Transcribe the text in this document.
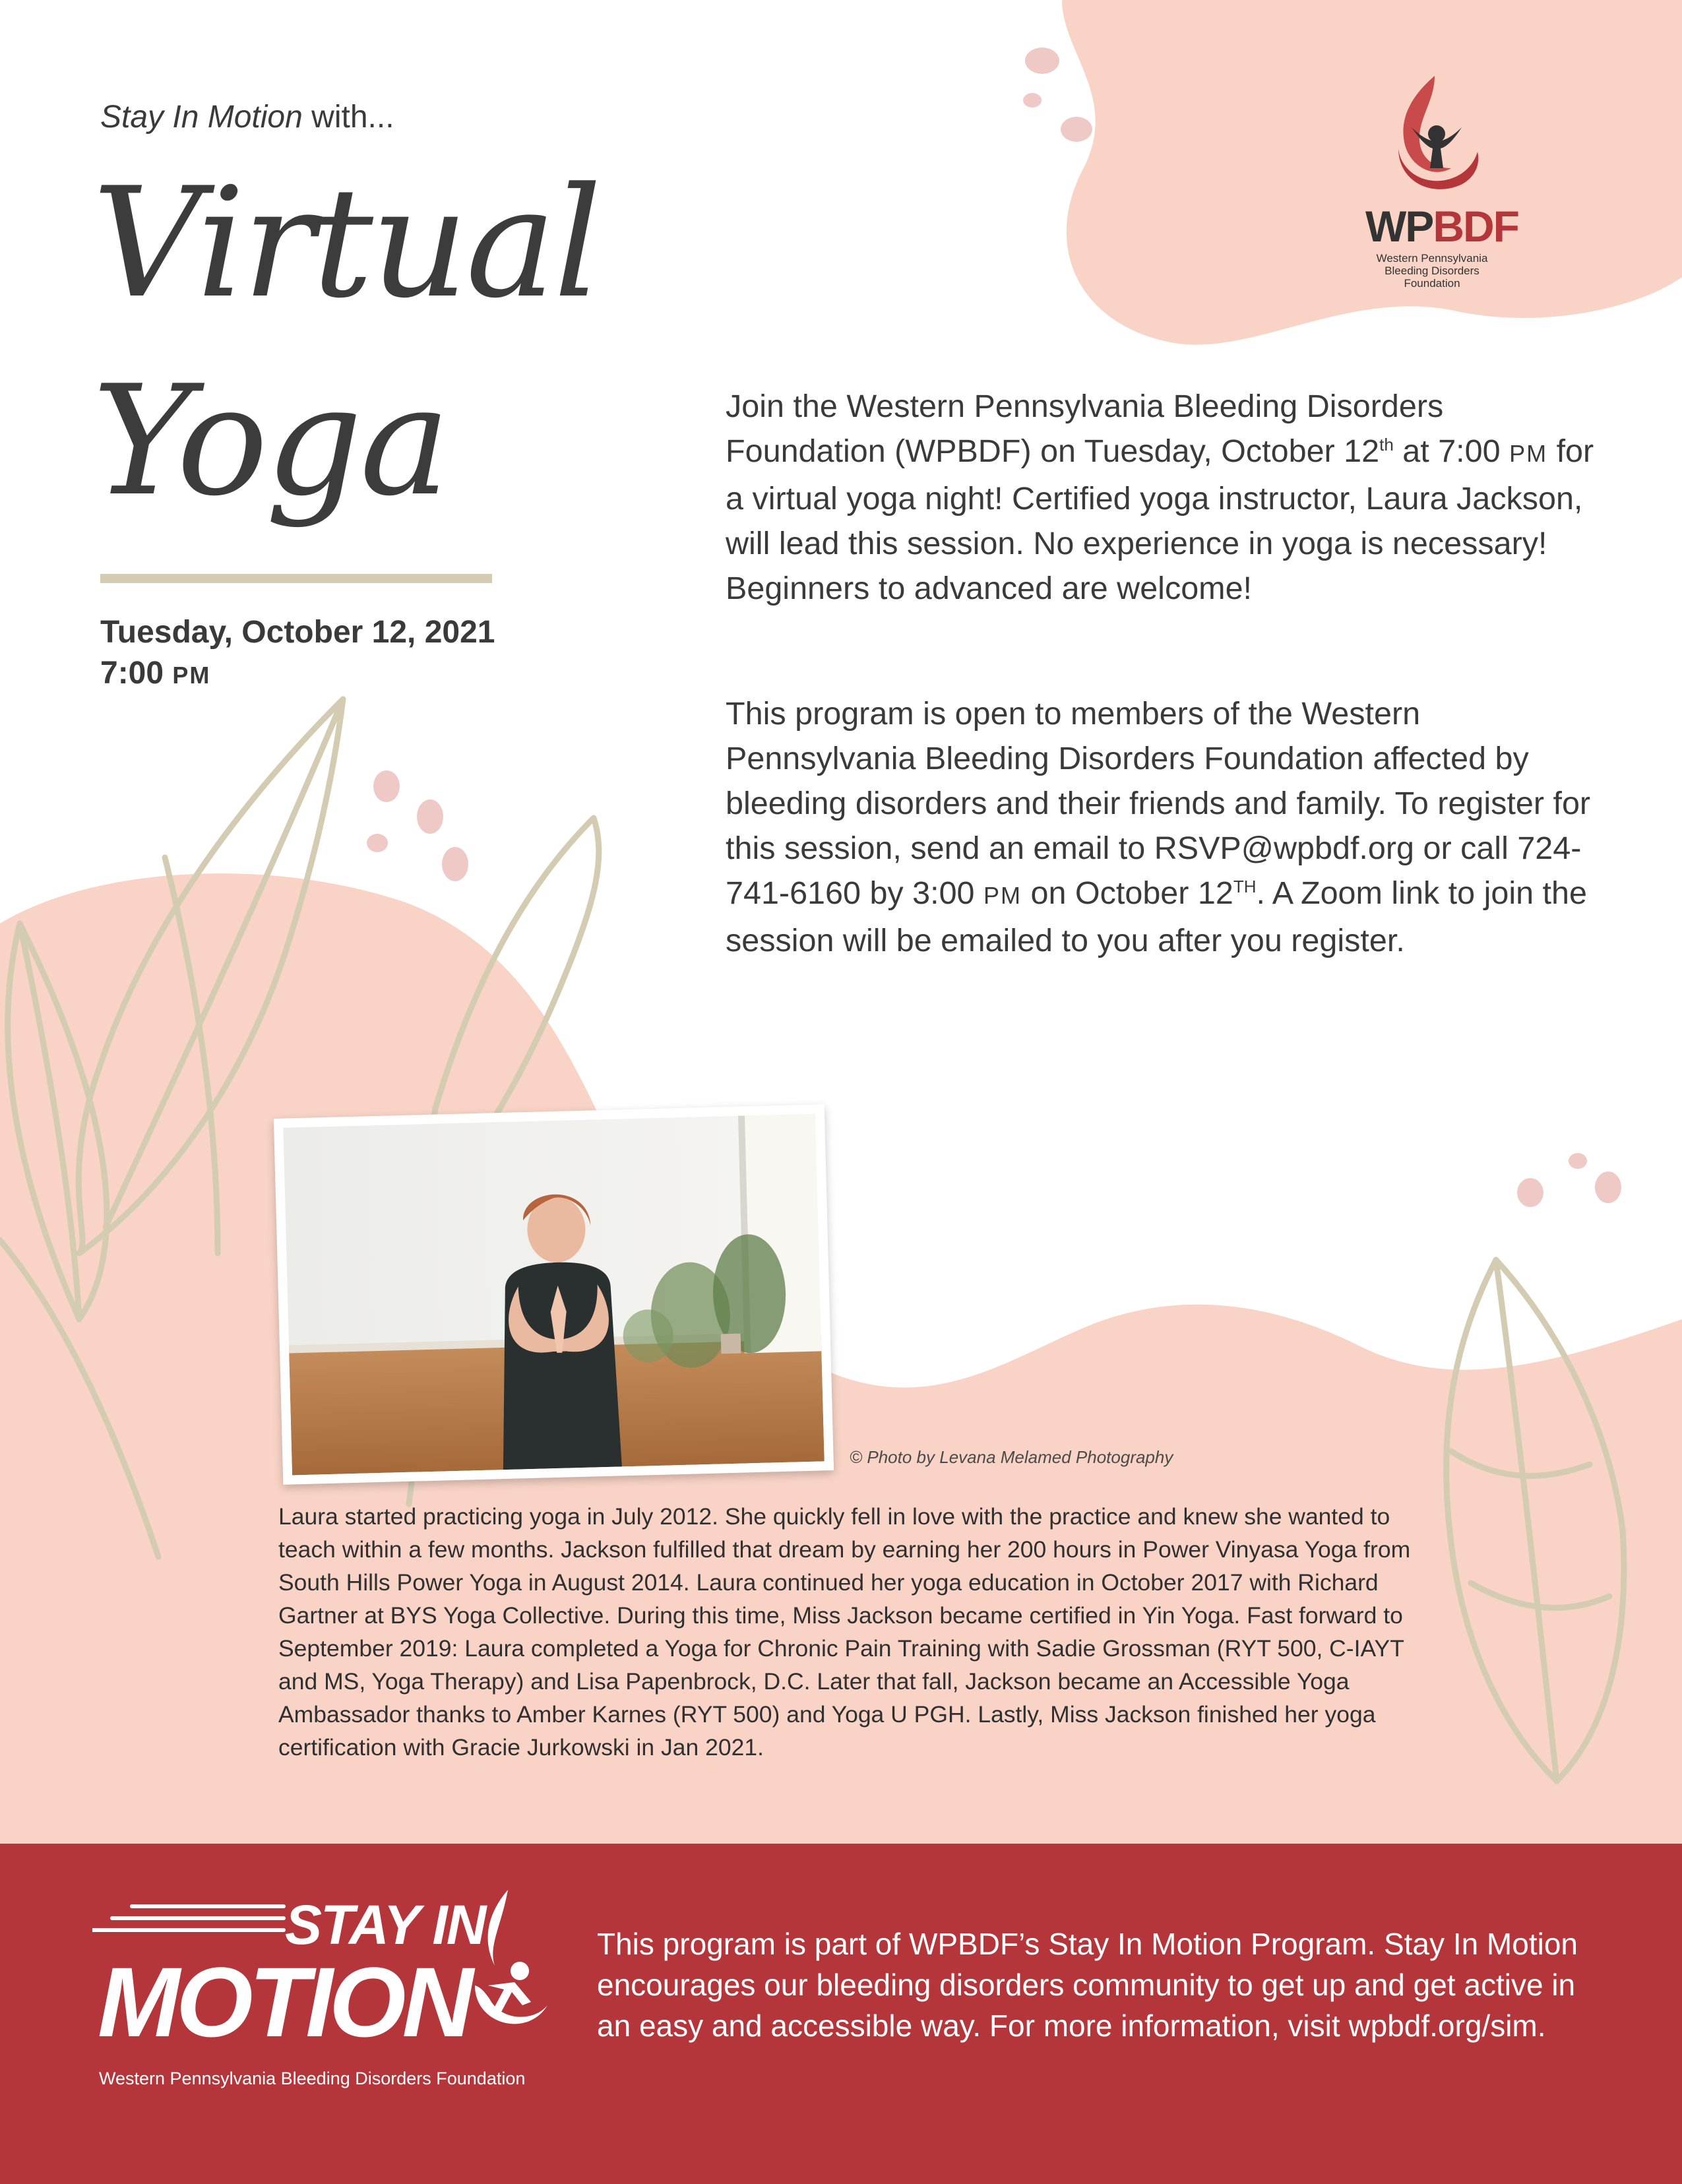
WPBDF
Western Pennsylvania Bleeding Disorders Foundation
Stay In Motion with...
Virtual
Yoga
Tuesday, October 12, 2021
7:00 PM
Join the Western Pennsylvania Bleeding Disorders Foundation (WPBDF) on Tuesday, October 12th at 7:00 PM for a virtual yoga night! Certified yoga instructor, Laura Jackson, will lead this session. No experience in yoga is necessary! Beginners to advanced are welcome!
This program is open to members of the Western Pennsylvania Bleeding Disorders Foundation affected by bleeding disorders and their friends and family. To register for this session, send an email to RSVP@wpbdf.org or call 724-741-6160 by 3:00 PM on October 12TH. A Zoom link to join the session will be emailed to you after you register.
© Photo by Levana Melamed Photography
Laura started practicing yoga in July 2012. She quickly fell in love with the practice and knew she wanted to teach within a few months. Jackson fulfilled that dream by earning her 200 hours in Power Vinyasa Yoga from South Hills Power Yoga in August 2014. Laura continued her yoga education in October 2017 with Richard Gartner at BYS Yoga Collective. During this time, Miss Jackson became certified in Yin Yoga. Fast forward to September 2019: Laura completed a Yoga for Chronic Pain Training with Sadie Grossman (RYT 500, C-IAYT and MS, Yoga Therapy) and Lisa Papenbrock, D.C. Later that fall, Jackson became an Accessible Yoga Ambassador thanks to Amber Karnes (RYT 500) and Yoga U PGH. Lastly, Miss Jackson finished her yoga certification with Gracie Jurkowski in Jan 2021.
STAY IN
MOTION
Western Pennsylvania Bleeding Disorders Foundation
This program is part of WPBDF’s Stay In Motion Program. Stay In Motion encourages our bleeding disorders community to get up and get active in an easy and accessible way. For more information, visit wpbdf.org/sim.
